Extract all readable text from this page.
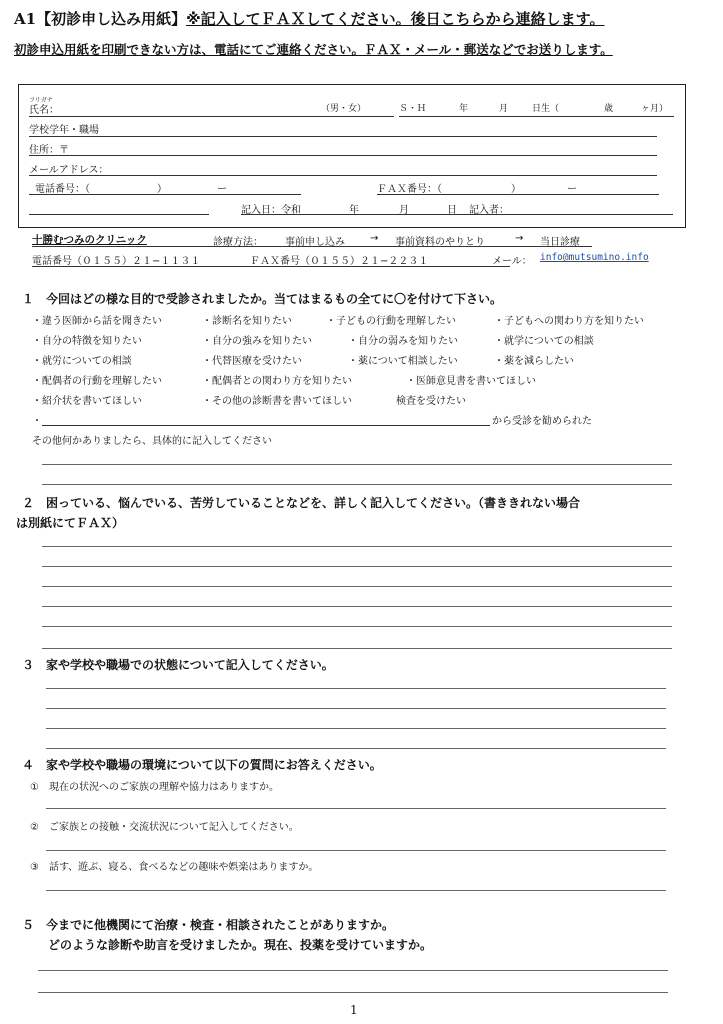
A1【初診申し込み用紙】※記入してＦＡＸしてください。後日こちらから連絡します。
初診申込用紙を印刷できない方は、電話にてご連絡ください。ＦＡＸ・メール・郵送などでお送りします。
フリガナ
氏名：	（男・女）	Ｓ・Ｈ	年	月	日生（	歳	ヶ月）
学校学年・職場
住所：〒
メールアドレス：
電話番号：（	）	ー	ＦＡＸ番号：（	）	ー
記入日：令和	年	月	日 記入者：
十勝むつみのクリニック	診療方法： 事前申し込み	→ 事前資料のやりとり	→ 当日診療
電話番号（０１５５）２１−１１３１	ＦＡＸ番号（０１５５）２１−２２３１	メール： info@mutsumino.info
１　今回はどの様な目的で受診されましたか。当てはまるもの全てに〇を付けて下さい。
・違う医師から話を聞きたい	・診断名を知りたい	・子どもの行動を理解したい	・子どもへの関わり方を知りたい
・自分の特徴を知りたい	・自分の強みを知りたい	・自分の弱みを知りたい	・就学についての相談
・就労についての相談	・代替医療を受けたい	・薬について相談したい	・薬を減らしたい
・配偶者の行動を理解したい	・配偶者との関わり方を知りたい	・医師意見書を書いてほしい
・紹介状を書いてほしい	・その他の診断書を書いてほしい	検査を受けたい
・	から受診を勧められた
その他何かありましたら、具体的に記入してください
２　困っている、悩んでいる、苦労していることなどを、詳しく記入してください。（書ききれない場合
は別紙にてＦＡＸ）
３　家や学校や職場での状態について記入してください。
４　家や学校や職場の環境について以下の質問にお答えください。
①　現在の状況へのご家族の理解や協力はありますか。
②　ご家族との接触・交流状況について記入してください。
③　話す、遊ぶ、寝る、食べるなどの趣味や娯楽はありますか。
５　今までに他機関にて治療・検査・相談されたことがありますか。
どのような診断や助言を受けましたか。現在、投薬を受けていますか。
1
